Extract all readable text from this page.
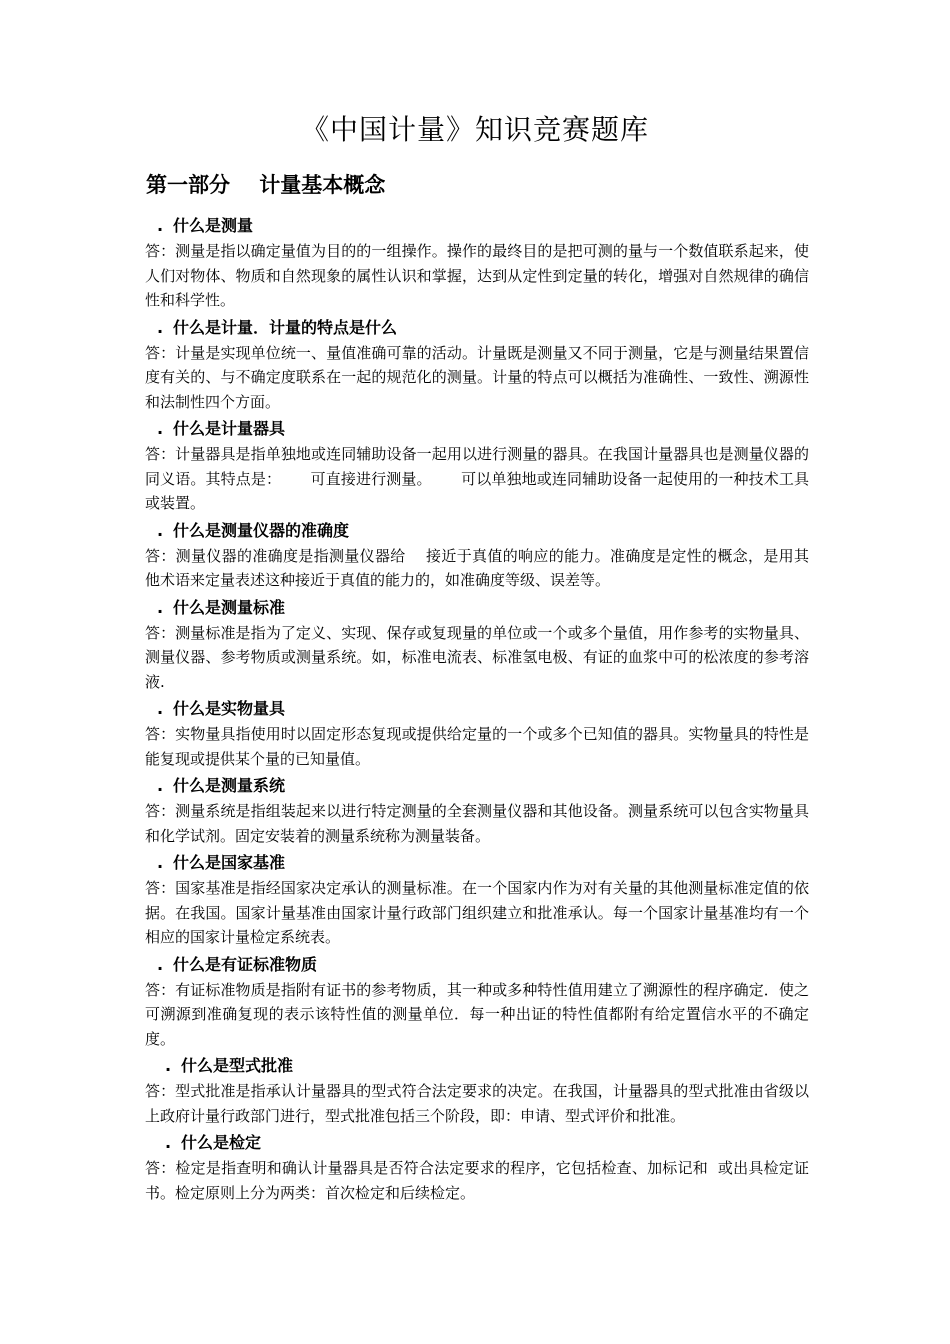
《中国计量》知识竞赛题库
第一部分    计量基本概念
. 什么是测量
答：测量是指以确定量值为目的的一组操作。操作的最终目的是把可测的量与一个数值联系起来，使人们对物体、物质和自然现象的属性认识和掌握，达到从定性到定量的转化，增强对自然规律的确信性和科学性。
. 什么是计量．计量的特点是什么
答：计量是实现单位统一、量值准确可靠的活动。计量既是测量又不同于测量，它是与测量结果置信度有关的、与不确定度联系在一起的规范化的测量。计量的特点可以概括为准确性、一致性、溯源性和法制性四个方面。
. 什么是计量器具
答：计量器具是指单独地或连同辅助设备一起用以进行测量的器具。在我国计量器具也是测量仪器的同义语。其特点是：      可直接进行测量。      可以单独地或连同辅助设备一起使用的一种技术工具或装置。
. 什么是测量仪器的准确度
答：测量仪器的准确度是指测量仪器给    接近于真值的响应的能力。准确度是定性的概念，是用其他术语来定量表述这种接近于真值的能力的，如准确度等级、误差等。
. 什么是测量标准
答：测量标准是指为了定义、实现、保存或复现量的单位或一个或多个量值，用作参考的实物量具、测量仪器、参考物质或测量系统。如，标准电流表、标准氢电极、有证的血浆中可的松浓度的参考溶液.
. 什么是实物量具
答：实物量具指使用时以固定形态复现或提供给定量的一个或多个已知值的器具。实物量具的特性是能复现或提供某个量的已知量值。
. 什么是测量系统
答：测量系统是指组装起来以进行特定测量的全套测量仪器和其他设备。测量系统可以包含实物量具和化学试剂。固定安装着的测量系统称为测量装备。
. 什么是国家基准
答：国家基准是指经国家决定承认的测量标准。在一个国家内作为对有关量的其他测量标准定值的依据。在我国。国家计量基准由国家计量行政部门组织建立和批准承认。每一个国家计量基准均有一个相应的国家计量检定系统表。
. 什么是有证标准物质
答：有证标准物质是指附有证书的参考物质，其一种或多种特性值用建立了溯源性的程序确定．使之可溯源到准确复现的表示该特性值的测量单位．每一种出证的特性值都附有给定置信水平的不确定度。
. 什么是型式批准
答：型式批准是指承认计量器具的型式符合法定要求的决定。在我国，计量器具的型式批准由省级以上政府计量行政部门进行，型式批准包括三个阶段，即：申请、型式评价和批准。
. 什么是检定
答：检定是指查明和确认计量器具是否符合法定要求的程序，它包括检查、加标记和  或出具检定证书。检定原则上分为两类：首次检定和后续检定。
